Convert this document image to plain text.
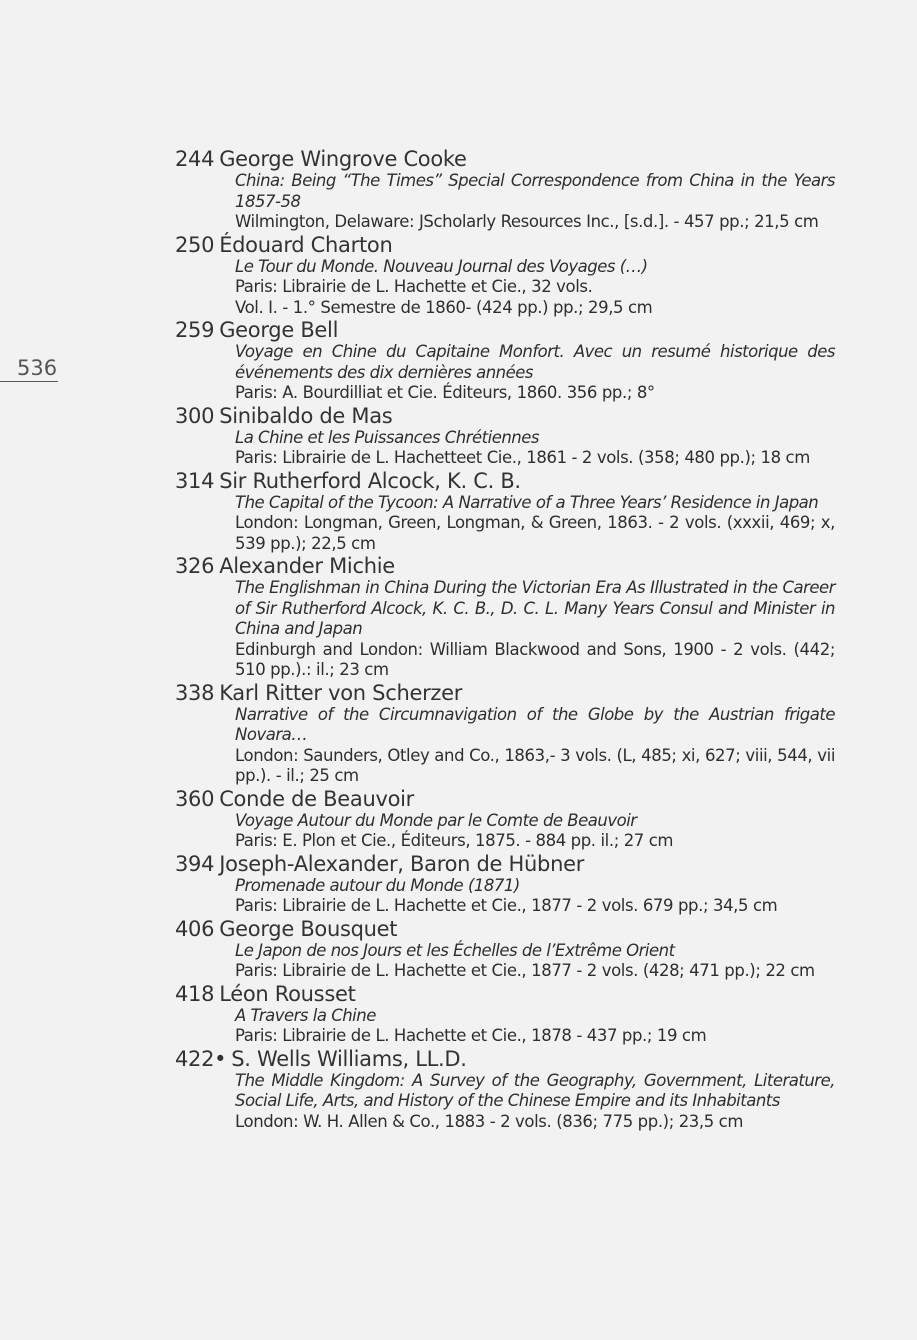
536
244 George Wingrove Cooke
China: Being “The Times” Special Correspondence from China in the Years 1857-58
Wilmington, Delaware: JScholarly Resources Inc., [s.d.]. - 457 pp.; 21,5 cm
250 Édouard Charton
Le Tour du Monde. Nouveau Journal des Voyages (…)
Paris: Librairie de L. Hachette et Cie., 32 vols.
Vol. I. - 1.° Semestre de 1860- (424 pp.) pp.; 29,5 cm
259 George Bell
Voyage en Chine du Capitaine Monfort. Avec un resumé historique des événements des dix dernières années
Paris: A. Bourdilliat et Cie. Éditeurs, 1860. 356 pp.; 8°
300 Sinibaldo de Mas
La Chine et les Puissances Chrétiennes
Paris: Librairie de L. Hachetteet Cie., 1861 - 2 vols. (358; 480 pp.); 18 cm
314 Sir Rutherford Alcock, K. C. B.
The Capital of the Tycoon: A Narrative of a Three Years’ Residence in Japan
London: Longman, Green, Longman, & Green, 1863. - 2 vols. (xxxii, 469; x, 539 pp.); 22,5 cm
326 Alexander Michie
The Englishman in China During the Victorian Era As Illustrated in the Career of Sir Rutherford Alcock, K. C. B., D. C. L. Many Years Consul and Minister in China and Japan
Edinburgh and London: William Blackwood and Sons, 1900 - 2 vols. (442; 510 pp.).: il.; 23 cm
338 Karl Ritter von Scherzer
Narrative of the Circumnavigation of the Globe by the Austrian frigate Novara…
London: Saunders, Otley and Co., 1863,- 3 vols. (L, 485; xi, 627; viii, 544, vii pp.). - il.; 25 cm
360 Conde de Beauvoir
Voyage Autour du Monde par le Comte de Beauvoir
Paris: E. Plon et Cie., Éditeurs, 1875. - 884 pp. il.; 27 cm
394 Joseph-Alexander, Baron de Hübner
Promenade autour du Monde (1871)
Paris: Librairie de L. Hachette et Cie., 1877 - 2 vols. 679 pp.; 34,5 cm
406 George Bousquet
Le Japon de nos Jours et les Échelles de l’Extrême Orient
Paris: Librairie de L. Hachette et Cie., 1877 - 2 vols. (428; 471 pp.); 22 cm
418 Léon Rousset
A Travers la Chine
Paris: Librairie de L. Hachette et Cie., 1878 - 437 pp.; 19 cm
422• S. Wells Williams, LL.D.
The Middle Kingdom: A Survey of the Geography, Government, Literature, Social Life, Arts, and History of the Chinese Empire and its Inhabitants
London: W. H. Allen & Co., 1883 - 2 vols. (836; 775 pp.); 23,5 cm
